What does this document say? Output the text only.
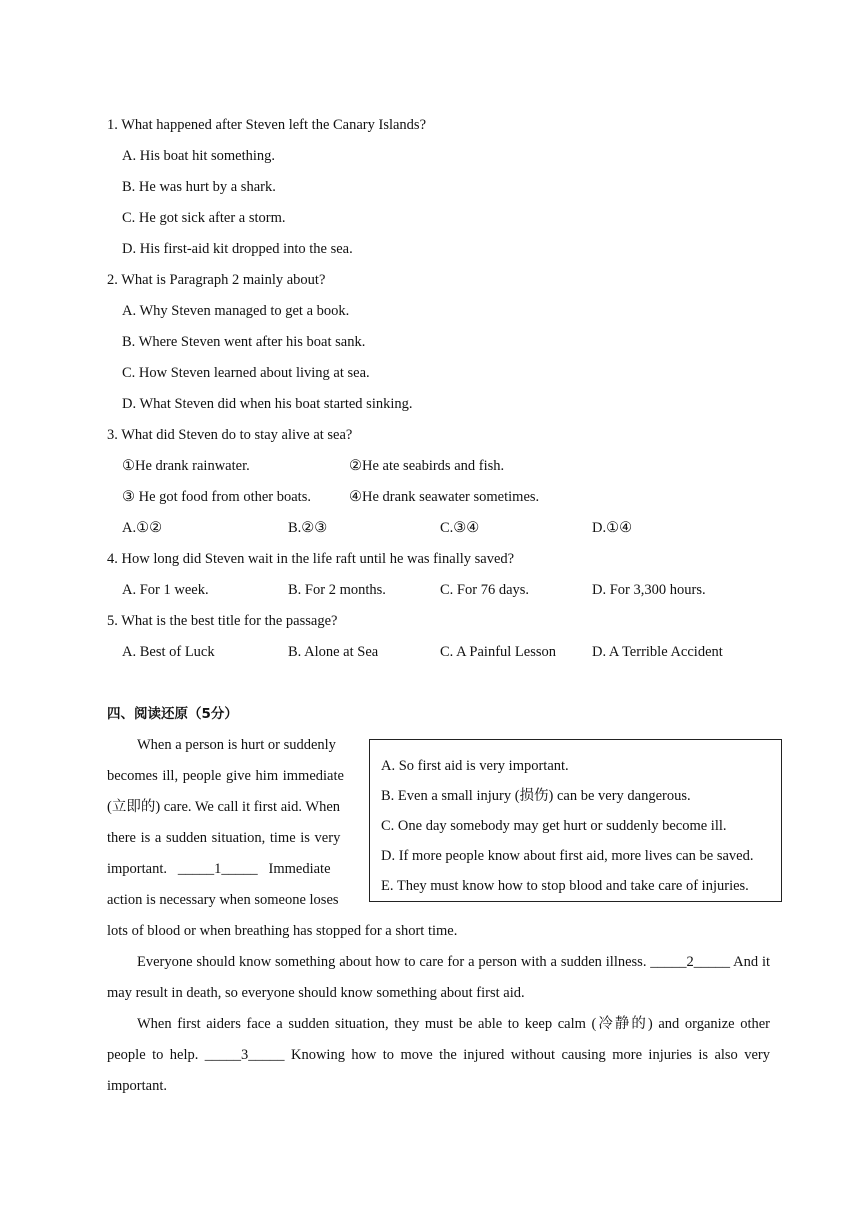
1. What happened after Steven left the Canary Islands?
A. His boat hit something.
B. He was hurt by a shark.
C. He got sick after a storm.
D. His first-aid kit dropped into the sea.
2. What is Paragraph 2 mainly about?
A. Why Steven managed to get a book.
B. Where Steven went after his boat sank.
C. How Steven learned about living at sea.
D. What Steven did when his boat started sinking.
3. What did Steven do to stay alive at sea?
①He drank rainwater.	②He ate seabirds and fish.
③ He got food from other boats.	④He drank seawater sometimes.
A.①②	B.②③	C.③④	D.①④
4. How long did Steven wait in the life raft until he was finally saved?
A. For 1 week.	B. For 2 months.	C. For 76 days.	D. For 3,300 hours.
5. What is the best title for the passage?
A. Best of Luck	B. Alone at Sea	C. A Painful Lesson D. A Terrible Accident
四、阅读还原（5分）
When a person is hurt or suddenly
becomes ill, people give him immediate
(立即的) care. We call it first aid. When
there is a sudden situation, time is very
important.   _____1_____   Immediate
action is necessary when someone loses
A. So first aid is very important.
B. Even a small injury (损伤) can be very dangerous.
C. One day somebody may get hurt or suddenly become ill.
D. If more people know about first aid, more lives can be saved.
E. They must know how to stop blood and take care of injuries.
lots of blood or when breathing has stopped for a short time.
Everyone should know something about how to care for a person with a sudden illness. _____2_____ And it may result in death, so everyone should know something about first aid.
When first aiders face a sudden situation, they must be able to keep calm (冷静的) and organize other people to help. _____3_____ Knowing how to move the injured without causing more injuries is also very important.
